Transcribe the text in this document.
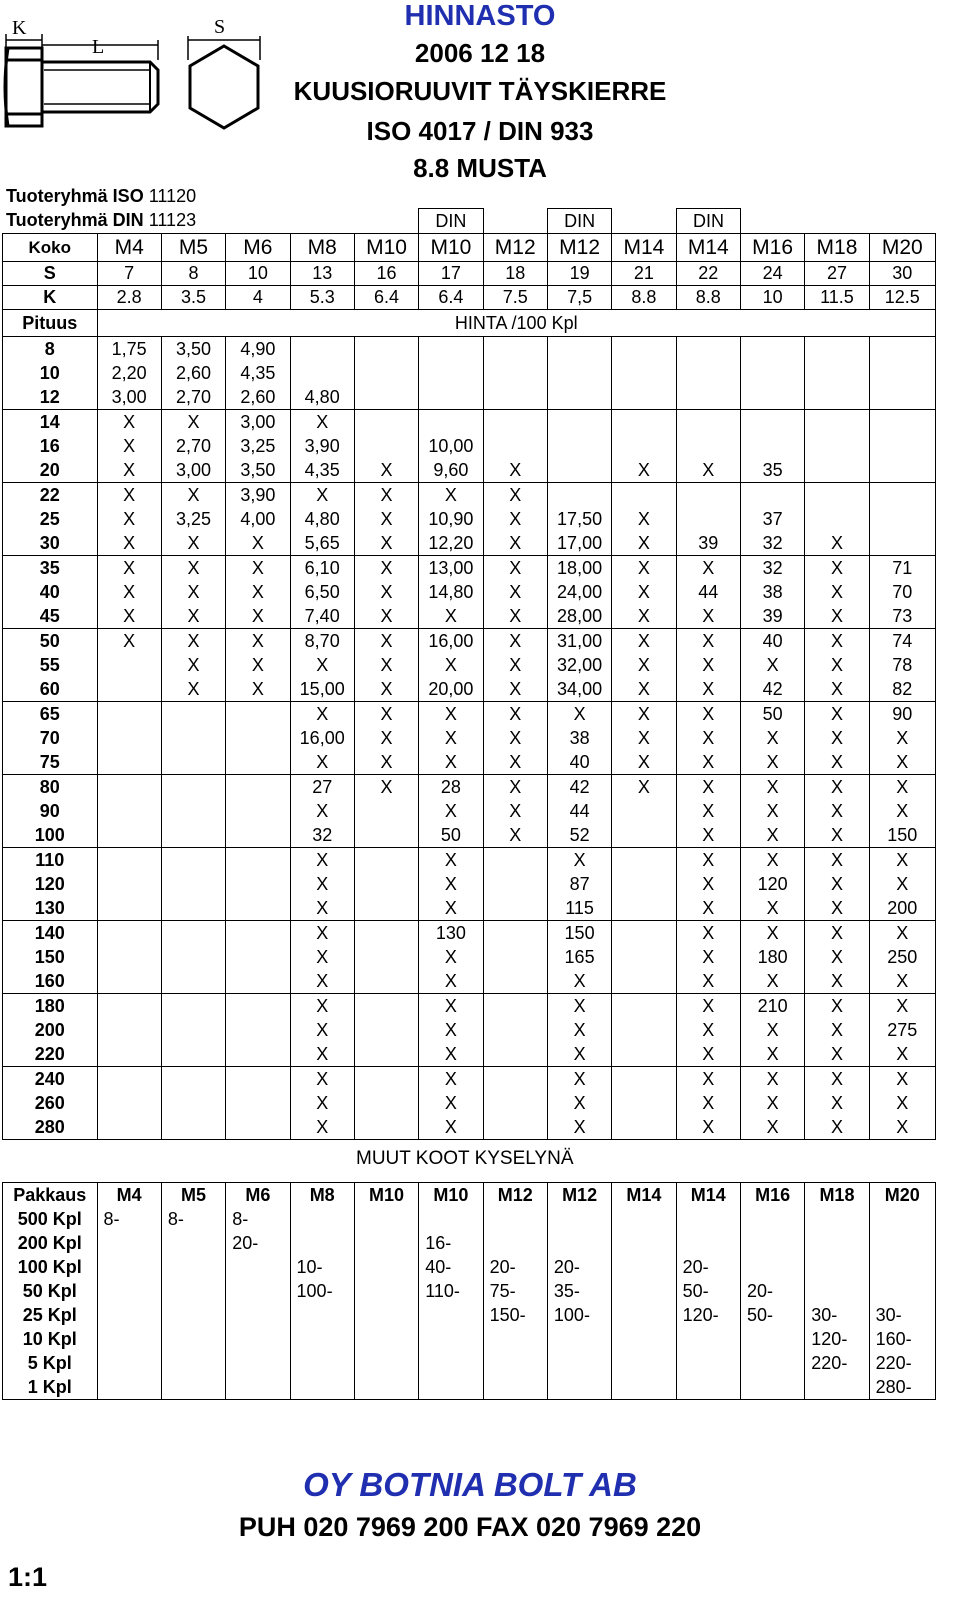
K
L
S	HINNASTO
2006 12 18
KUUSIORUUVIT TÄYSKIERRE
ISO 4017 / DIN 933
8.8 MUSTA
Tuoteryhmä ISO 11120
Tuoteryhmä DIN 11123
							DIN		DIN		DIN			
Koko	M4	M5	M6	M8	M10	M10	M12	M12	M14	M14	M16	M18	M20
S	7	8	10	13	16	17	18	19	21	22	24	27	30
K	2.8	3.5	4	5.3	6.4	6.4	7.5	7,5	8.8	8.8	10	11.5	12.5
Pituus	HINTA /100 Kpl												
8	1,75	3,50	4,90										
10	2,20	2,60	4,35										
12	3,00	2,70	2,60	4,80									
14	X	X	3,00	X									
16	X	2,70	3,25	3,90		10,00							
20	X	3,00	3,50	4,35	X	9,60	X		X	X	35		
22	X	X	3,90	X	X	X	X						
25	X	3,25	4,00	4,80	X	10,90	X	17,50	X		37		
30	X	X	X	5,65	X	12,20	X	17,00	X	39	32	X	
35	X	X	X	6,10	X	13,00	X	18,00	X	X	32	X	71
40	X	X	X	6,50	X	14,80	X	24,00	X	44	38	X	70
45	X	X	X	7,40	X	X	X	28,00	X	X	39	X	73
50	X	X	X	8,70	X	16,00	X	31,00	X	X	40	X	74
55		X	X	X	X	X	X	32,00	X	X	X	X	78
60		X	X	15,00	X	20,00	X	34,00	X	X	42	X	82
65				X	X	X	X	X	X	X	50	X	90
70				16,00	X	X	X	38	X	X	X	X	X
75				X	X	X	X	40	X	X	X	X	X
80				27	X	28	X	42	X	X	X	X	X
90				X		X	X	44		X	X	X	X
100				32		50	X	52		X	X	X	150
110				X		X		X		X	X	X	X
120				X		X		87		X	120	X	X
130				X		X		115		X	X	X	200
140				X		130		150		X	X	X	X
150				X		X		165		X	180	X	250
160				X		X		X		X	X	X	X
180				X		X		X		X	210	X	X
200				X		X		X		X	X	X	275
220				X		X		X		X	X	X	X
240				X		X		X		X	X	X	X
260				X		X		X		X	X	X	X
280				X		X		X		X	X	X	X
MUUT KOOT KYSELYNÄ
Pakkaus	M4	M5	M6	M8	M10	M10	M12	M12	M14	M14	M16	M18	M20
500 Kpl	8-	8-	8-										
200 Kpl			20-			16-							
100 Kpl				10-		40-	20-	20-		20-			
50 Kpl				100-		110-	75-	35-		50-	20-		
25 Kpl							150-	100-		120-	50-	30-	30-
10 Kpl												120-	160-
5 Kpl												220-	220-
1 Kpl													280-
OY BOTNIA BOLT AB
PUH 020 7969 200 FAX 020 7969 220
1:1
